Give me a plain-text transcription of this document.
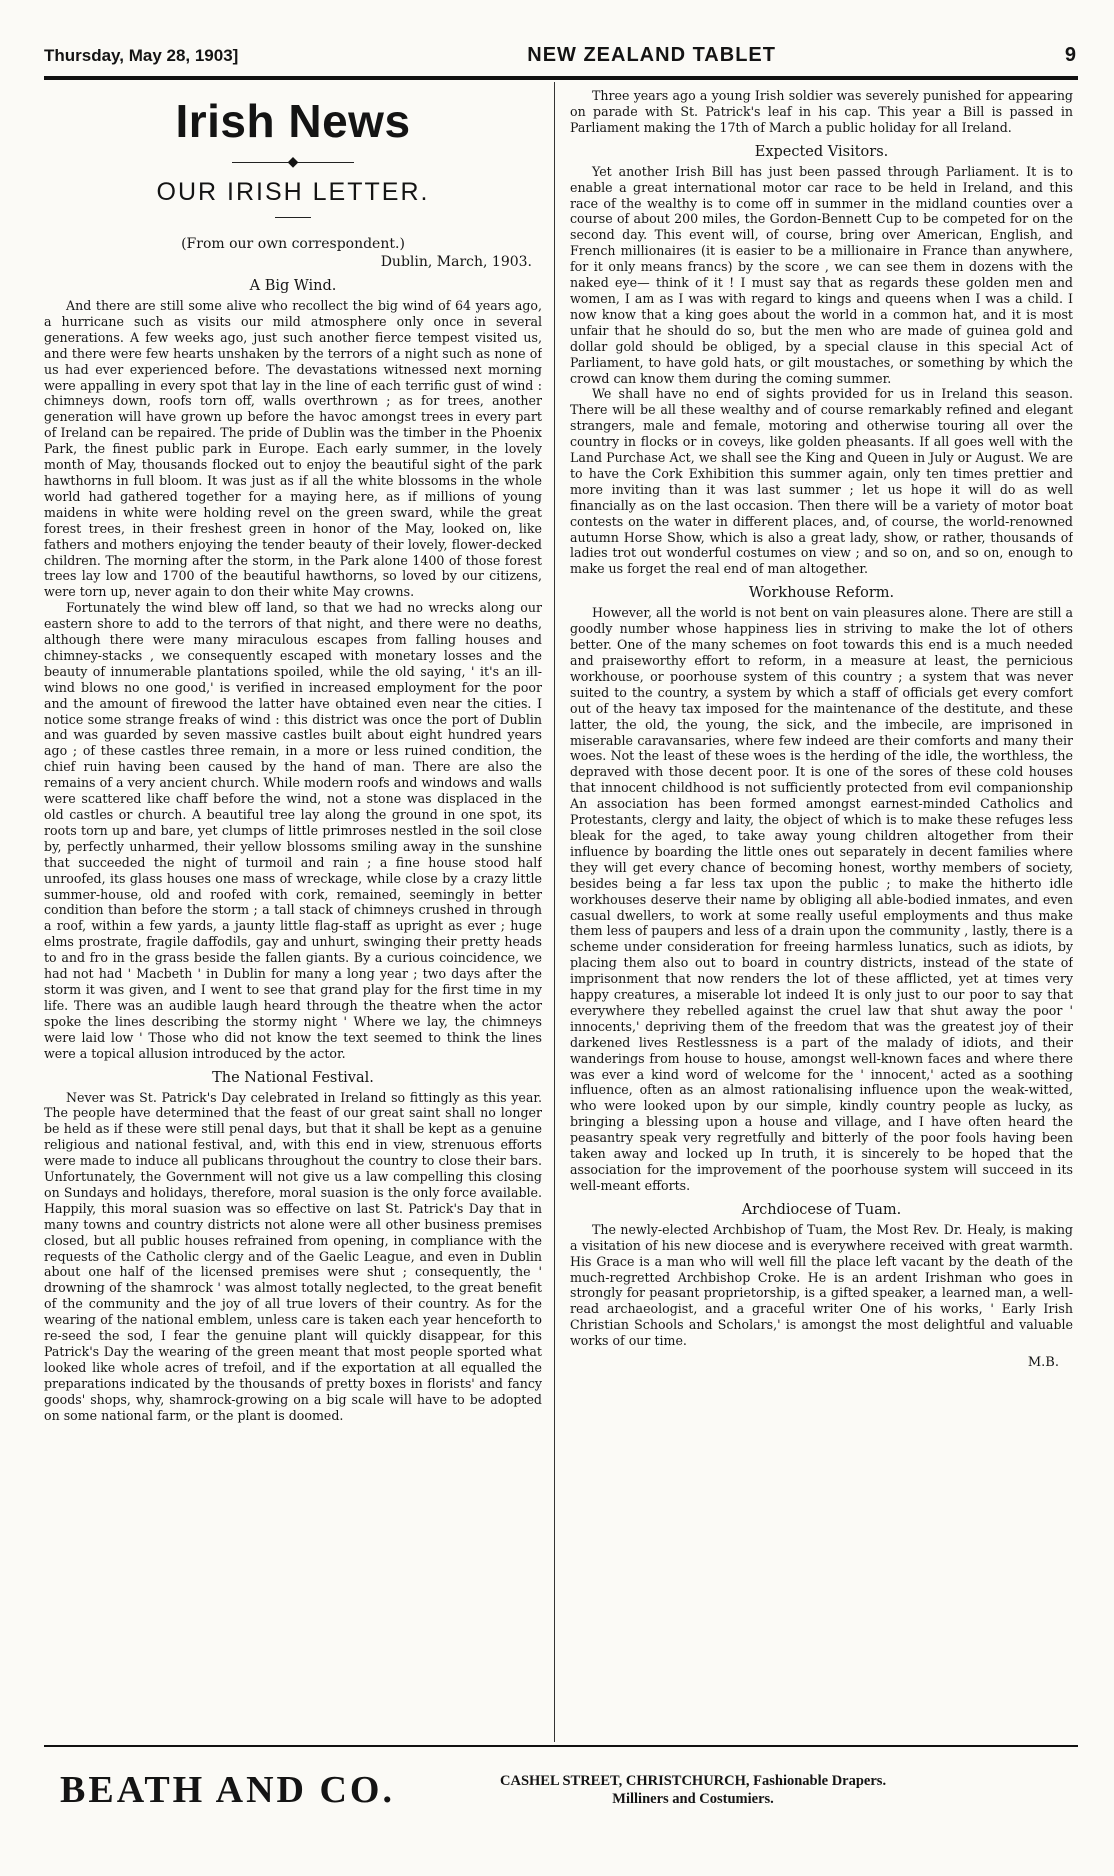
Thursday, May 28, 1903]	NEW ZEALAND TABLET	9
Irish News
◆
OUR IRISH LETTER.
(From our own correspondent.)
Dublin, March, 1903.
A Big Wind.

And there are still some alive who recollect the big wind of 64 years ago, a hurricane such as visits our mild atmosphere only once in several generations. A few weeks ago, just such another fierce tempest visited us, and there were few hearts unshaken by the terrors of a night such as none of us had ever experienced before. The devastations witnessed next morning were appalling in every spot that lay in the line of each terrific gust of wind : chimneys down, roofs torn off, walls overthrown ; as for trees, another generation will have grown up before the havoc amongst trees in every part of Ireland can be repaired. The pride of Dublin was the timber in the Phoenix Park, the finest public park in Europe. Each early summer, in the lovely month of May, thousands flocked out to enjoy the beautiful sight of the park hawthorns in full bloom. It was just as if all the white blossoms in the whole world had gathered together for a maying here, as if millions of young maidens in white were holding revel on the green sward, while the great forest trees, in their freshest green in honor of the May, looked on, like fathers and mothers enjoying the tender beauty of their lovely, flower-decked children. The morning after the storm, in the Park alone 1400 of those forest trees lay low and 1700 of the beautiful hawthorns, so loved by our citizens, were torn up, never again to don their white May crowns.

Fortunately the wind blew off land, so that we had no wrecks along our eastern shore to add to the terrors of that night, and there were no deaths, although there were many miraculous escapes from falling houses and chimney-stacks , we consequently escaped with monetary losses and the beauty of innumerable plantations spoiled, while the old saying, ' it's an ill-wind blows no one good,' is verified in increased employment for the poor and the amount of firewood the latter have obtained even near the cities. I notice some strange freaks of wind : this district was once the port of Dublin and was guarded by seven massive castles built about eight hundred years ago ; of these castles three remain, in a more or less ruined condition, the chief ruin having been caused by the hand of man. There are also the remains of a very ancient church. While modern roofs and windows and walls were scattered like chaff before the wind, not a stone was displaced in the old castles or church. A beautiful tree lay along the ground in one spot, its roots torn up and bare, yet clumps of little primroses nestled in the soil close by, perfectly unharmed, their yellow blossoms smiling away in the sunshine that succeeded the night of turmoil and rain ; a fine house stood half unroofed, its glass houses one mass of wreckage, while close by a crazy little summer-house, old and roofed with cork, remained, seemingly in better condition than before the storm ; a tall stack of chimneys crushed in through a roof, within a few yards, a jaunty little flag-staff as upright as ever ; huge elms prostrate, fragile daffodils, gay and unhurt, swinging their pretty heads to and fro in the grass beside the fallen giants. By a curious coincidence, we had not had ' Macbeth ' in Dublin for many a long year ; two days after the storm it was given, and I went to see that grand play for the first time in my life. There was an audible laugh heard through the theatre when the actor spoke the lines describing the stormy night ' Where we lay, the chimneys were laid low ' Those who did not know the text seemed to think the lines were a topical allusion introduced by the actor.

The National Festival.

Never was St. Patrick's Day celebrated in Ireland so fittingly as this year. The people have determined that the feast of our great saint shall no longer be held as if these were still penal days, but that it shall be kept as a genuine religious and national festival, and, with this end in view, strenuous efforts were made to induce all publicans throughout the country to close their bars. Unfortunately, the Government will not give us a law compelling this closing on Sundays and holidays, therefore, moral suasion is the only force available. Happily, this moral suasion was so effective on last St. Patrick's Day that in many towns and country districts not alone were all other business premises closed, but all public houses refrained from opening, in compliance with the requests of the Catholic clergy and of the Gaelic League, and even in Dublin about one half of the licensed premises were shut ; consequently, the ' drowning of the shamrock ' was almost totally neglected, to the great benefit of the community and the joy of all true lovers of their country. As for the wearing of the national emblem, unless care is taken each year henceforth to re-seed the sod, I fear the genuine plant will quickly disappear, for this Patrick's Day the wearing of the green meant that most people sported what looked like whole acres of trefoil, and if the exportation at all equalled the preparations indicated by the thousands of pretty boxes in florists' and fancy goods' shops, why, shamrock-growing on a big scale will have to be adopted on some national farm, or the plant is doomed.

Three years ago a young Irish soldier was severely punished for appearing on parade with St. Patrick's leaf in his cap. This year a Bill is passed in Parliament making the 17th of March a public holiday for all Ireland.

Expected Visitors.

Yet another Irish Bill has just been passed through Parliament. It is to enable a great international motor car race to be held in Ireland, and this race of the wealthy is to come off in summer in the midland counties over a course of about 200 miles, the Gordon-Bennett Cup to be competed for on the second day. This event will, of course, bring over American, English, and French millionaires (it is easier to be a millionaire in France than anywhere, for it only means francs) by the score , we can see them in dozens with the naked eye— think of it ! I must say that as regards these golden men and women, I am as I was with regard to kings and queens when I was a child. I now know that a king goes about the world in a common hat, and it is most unfair that he should do so, but the men who are made of guinea gold and dollar gold should be obliged, by a special clause in this special Act of Parliament, to have gold hats, or gilt moustaches, or something by which the crowd can know them during the coming summer.

We shall have no end of sights provided for us in Ireland this season. There will be all these wealthy and of course remarkably refined and elegant strangers, male and female, motoring and otherwise touring all over the country in flocks or in coveys, like golden pheasants. If all goes well with the Land Purchase Act, we shall see the King and Queen in July or August. We are to have the Cork Exhibition this summer again, only ten times prettier and more inviting than it was last summer ; let us hope it will do as well financially as on the last occasion. Then there will be a variety of motor boat contests on the water in different places, and, of course, the world-renowned autumn Horse Show, which is also a great lady, show, or rather, thousands of ladies trot out wonderful costumes on view ; and so on, and so on, enough to make us forget the real end of man altogether.

Workhouse Reform.

However, all the world is not bent on vain pleasures alone. There are still a goodly number whose happiness lies in striving to make the lot of others better. One of the many schemes on foot towards this end is a much needed and praiseworthy effort to reform, in a measure at least, the pernicious workhouse, or poorhouse system of this country ; a system that was never suited to the country, a system by which a staff of officials get every comfort out of the heavy tax imposed for the maintenance of the destitute, and these latter, the old, the young, the sick, and the imbecile, are imprisoned in miserable caravansaries, where few indeed are their comforts and many their woes. Not the least of these woes is the herding of the idle, the worthless, the depraved with those decent poor. It is one of the sores of these cold houses that innocent childhood is not sufficiently protected from evil companionship An association has been formed amongst earnest-minded Catholics and Protestants, clergy and laity, the object of which is to make these refuges less bleak for the aged, to take away young children altogether from their influence by boarding the little ones out separately in decent families where they will get every chance of becoming honest, worthy members of society, besides being a far less tax upon the public ; to make the hitherto idle workhouses deserve their name by obliging all able-bodied inmates, and even casual dwellers, to work at some really useful employments and thus make them less of paupers and less of a drain upon the community , lastly, there is a scheme under consideration for freeing harmless lunatics, such as idiots, by placing them also out to board in country districts, instead of the state of imprisonment that now renders the lot of these afflicted, yet at times very happy creatures, a miserable lot indeed It is only just to our poor to say that everywhere they rebelled against the cruel law that shut away the poor ' innocents,' depriving them of the freedom that was the greatest joy of their darkened lives Restlessness is a part of the malady of idiots, and their wanderings from house to house, amongst well-known faces and where there was ever a kind word of welcome for the ' innocent,' acted as a soothing influence, often as an almost rationalising influence upon the weak-witted, who were looked upon by our simple, kindly country people as lucky, as bringing a blessing upon a house and village, and I have often heard the peasantry speak very regretfully and bitterly of the poor fools having been taken away and locked up In truth, it is sincerely to be hoped that the association for the improvement of the poorhouse system will succeed in its well-meant efforts.

Archdiocese of Tuam.

The newly-elected Archbishop of Tuam, the Most Rev. Dr. Healy, is making a visitation of his new diocese and is everywhere received with great warmth. His Grace is a man who will well fill the place left vacant by the death of the much-regretted Archbishop Croke. He is an ardent Irishman who goes in strongly for peasant proprietorship, is a gifted speaker, a learned man, a well-read archaeologist, and a graceful writer One of his works, ' Early Irish Christian Schools and Scholars,' is amongst the most delightful and valuable works of our time.

M.B.
BEATH AND CO.	CASHEL STREET, CHRISTCHURCH, Fashionable Drapers.
Milliners and Costumiers.
